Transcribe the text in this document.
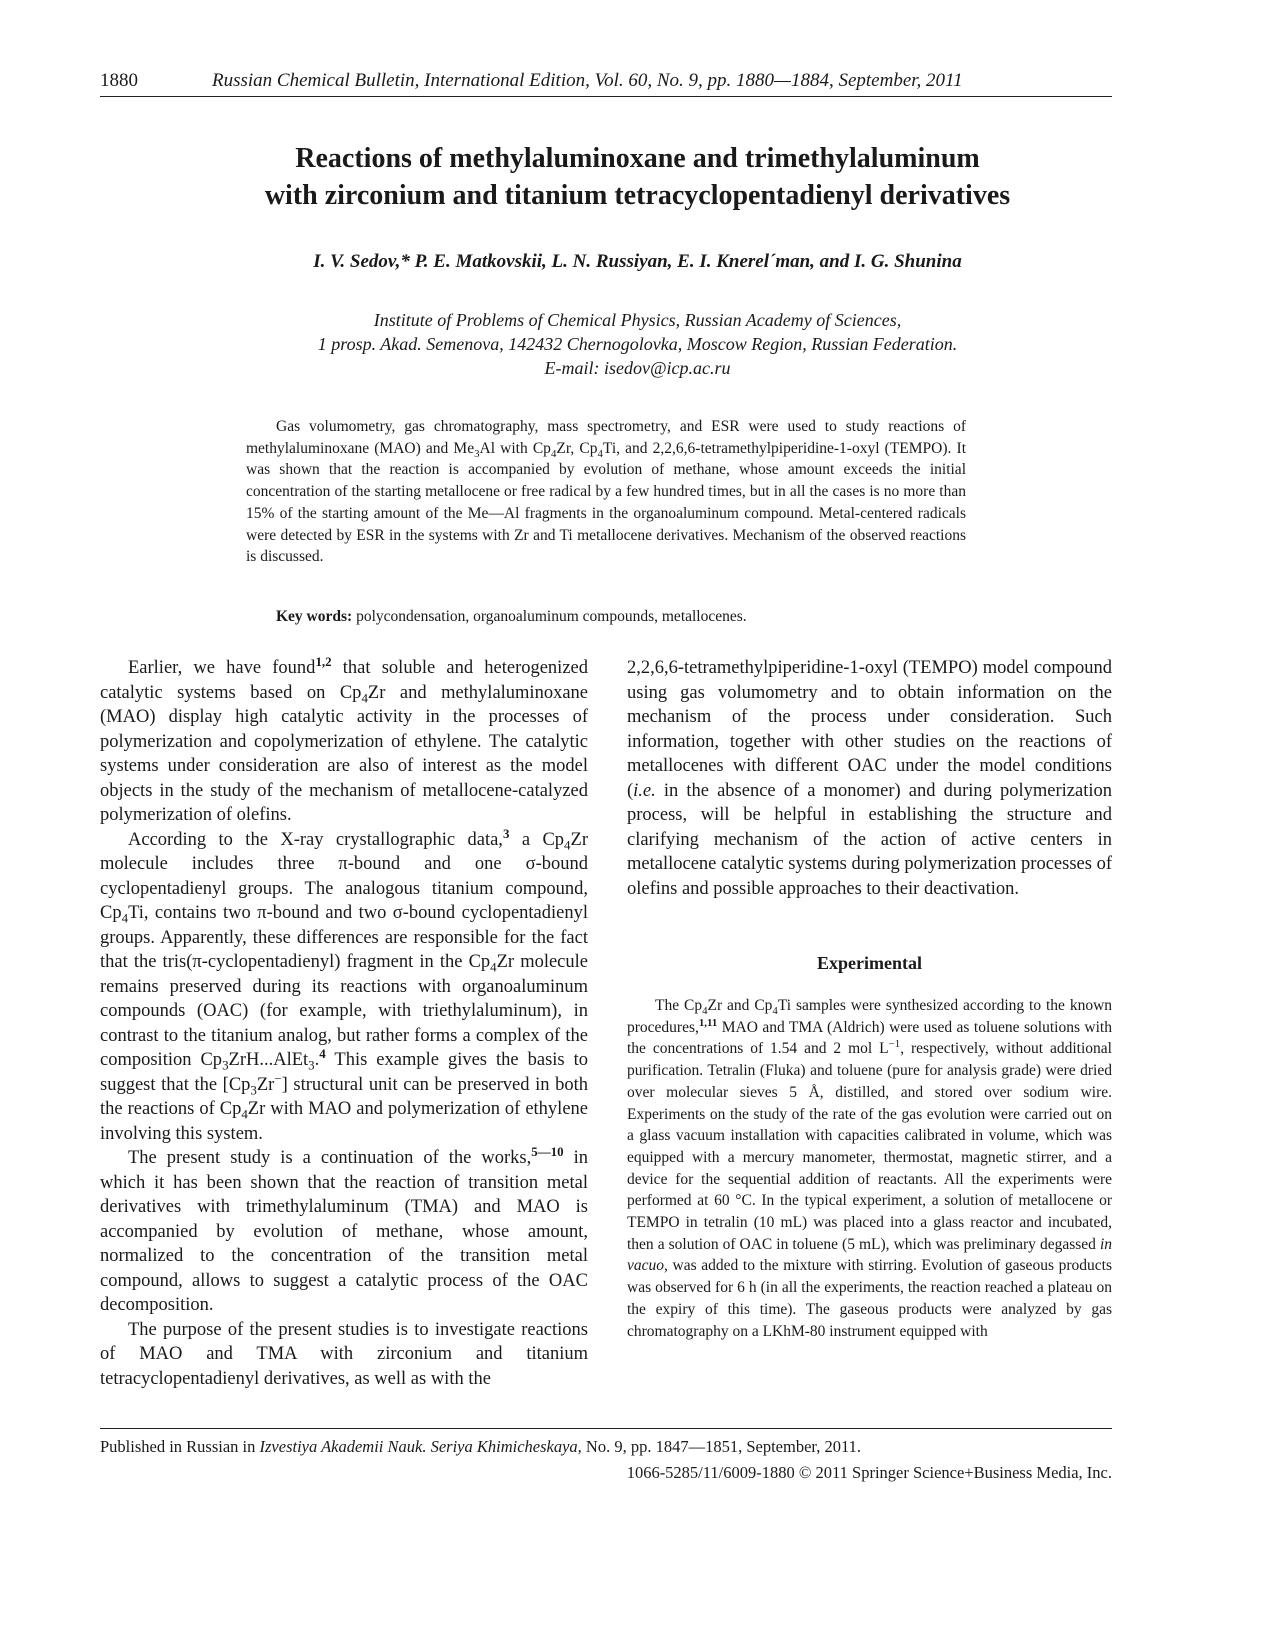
1880	Russian Chemical Bulletin, International Edition, Vol. 60, No. 9, pp. 1880—1884, September, 2011
Reactions of methylaluminoxane and trimethylaluminum
with zirconium and titanium tetracyclopentadienyl derivatives
I. V. Sedov,* P. E. Matkovskii, L. N. Russiyan, E. I. Knerel´man, and I. G. Shunina
Institute of Problems of Chemical Physics, Russian Academy of Sciences,
1 prosp. Akad. Semenova, 142432 Chernogolovka, Moscow Region, Russian Federation.
E-mail: isedov@icp.ac.ru
Gas volumometry, gas chromatography, mass spectrometry, and ESR were used to study reactions of methylaluminoxane (MAO) and $Me_3Al$ with $Cp_4Zr$, $Cp_4Ti$, and 2,2,6,6-tetramethylpiperidine-1-oxyl (TEMPO). It was shown that the reaction is accompanied by evolution of methane, whose amount exceeds the initial concentration of the starting metallocene or free radical by a few hundred times, but in all the cases is no more than 15% of the starting amount of the Me—Al fragments in the organoaluminum compound. Metal-centered radicals were detected by ESR in the systems with Zr and Ti metallocene derivatives. Mechanism of the observed reactions is discussed.
Key words: polycondensation, organoaluminum compounds, metallocenes.

Earlier, we have found$^{1,2}$ that soluble and heterogenized catalytic systems based on $Cp_4Zr$ and methylaluminoxane (MAO) display high catalytic activity in the processes of polymerization and copolymerization of ethylene. The catalytic systems under consideration are also of interest as the model objects in the study of the mechanism of metallocene-catalyzed polymerization of olefins.

According to the X-ray crystallographic data,$^3$ a $Cp_4Zr$ molecule includes three π-bound and one σ-bound cyclopentadienyl groups. The analogous titanium compound, $Cp_4Ti$, contains two π-bound and two σ-bound cyclopentadienyl groups. Apparently, these differences are responsible for the fact that the tris(π-cyclopentadienyl) fragment in the $Cp_4Zr$ molecule remains preserved during its reactions with organoaluminum compounds (OAC) (for example, with triethylaluminum), in contrast to the titanium analog, but rather forms a complex of the composition $Cp_3ZrH...AlEt_3.^4$ This example gives the basis to suggest that the $[Cp_3Zr^-]$ structural unit can be preserved in both the reactions of $Cp_4Zr$ with MAO and polymerization of ethylene involving this system.

The present study is a continuation of the works,$^{5—10}$ in which it has been shown that the reaction of transition metal derivatives with trimethylaluminum (TMA) and MAO is accompanied by evolution of methane, whose amount, normalized to the concentration of the transition metal compound, allows to suggest a catalytic process of the OAC decomposition.

The purpose of the present studies is to investigate reactions of MAO and TMA with zirconium and titanium tetracyclopentadienyl derivatives, as well as with the

2,2,6,6-tetramethylpiperidine-1-oxyl (TEMPO) model compound using gas volumometry and to obtain information on the mechanism of the process under consideration. Such information, together with other studies on the reactions of metallocenes with different OAC under the model conditions (i.e. in the absence of a monomer) and during polymerization process, will be helpful in establishing the structure and clarifying mechanism of the action of active centers in metallocene catalytic systems during polymerization processes of olefins and possible approaches to their deactivation.

Experimental
The $Cp_4Zr$ and $Cp_4Ti$ samples were synthesized according to the known procedures,$^{1,11}$ MAO and TMA (Aldrich) were used as toluene solutions with the concentrations of 1.54 and 2 mol $L^{-1}$, respectively, without additional purification. Tetralin (Fluka) and toluene (pure for analysis grade) were dried over molecular sieves 5 Å, distilled, and stored over sodium wire. Experiments on the study of the rate of the gas evolution were carried out on a glass vacuum installation with capacities calibrated in volume, which was equipped with a mercury manometer, thermostat, magnetic stirrer, and a device for the sequential addition of reactants. All the experiments were performed at 60 °C. In the typical experiment, a solution of metallocene or TEMPO in tetralin (10 mL) was placed into a glass reactor and incubated, then a solution of OAC in toluene (5 mL), which was preliminary degassed in vacuo, was added to the mixture with stirring. Evolution of gaseous products was observed for 6 h (in all the experiments, the reaction reached a plateau on the expiry of this time). The gaseous products were analyzed by gas chromatography on a LKhM-80 instrument equipped with
Published in Russian in Izvestiya Akademii Nauk. Seriya Khimicheskaya, No. 9, pp. 1847—1851, September, 2011.
1066-5285/11/6009-1880 © 2011 Springer Science+Business Media, Inc.
